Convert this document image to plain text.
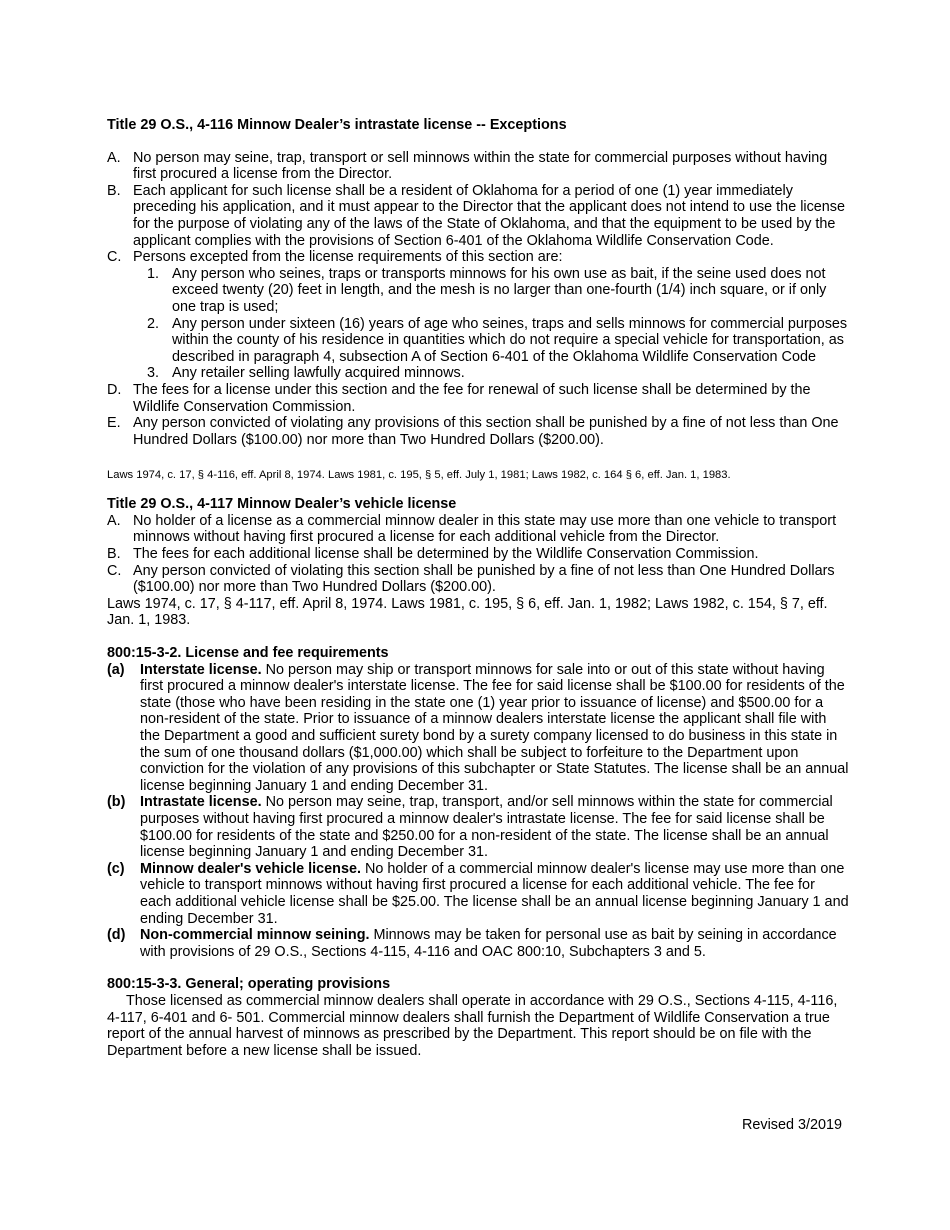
Title 29 O.S., 4-116 Minnow Dealer’s intrastate license -- Exceptions

A. No person may seine, trap, transport or sell minnows within the state for commercial purposes without having first procured a license from the Director.
B. Each applicant for such license shall be a resident of Oklahoma for a period of one (1) year immediately preceding his application, and it must appear to the Director that the applicant does not intend to use the license for the purpose of violating any of the laws of the State of Oklahoma, and that the equipment to be used by the applicant complies with the provisions of Section 6-401 of the Oklahoma Wildlife Conservation Code.
C. Persons excepted from the license requirements of this section are:
1. Any person who seines, traps or transports minnows for his own use as bait, if the seine used does not exceed twenty (20) feet in length, and the mesh is no larger than one-fourth (1/4) inch square, or if only one trap is used;
2. Any person under sixteen (16) years of age who seines, traps and sells minnows for commercial purposes within the county of his residence in quantities which do not require a special vehicle for transportation, as described in paragraph 4, subsection A of Section 6-401 of the Oklahoma Wildlife Conservation Code
3. Any retailer selling lawfully acquired minnows.
D. The fees for a license under this section and the fee for renewal of such license shall be determined by the Wildlife Conservation Commission.
E. Any person convicted of violating any provisions of this section shall be punished by a fine of not less than One Hundred Dollars ($100.00) nor more than Two Hundred Dollars ($200.00).

Laws 1974, c. 17, § 4-116, eff. April 8, 1974. Laws 1981, c. 195, § 5, eff. July 1, 1981; Laws 1982, c. 164 § 6, eff. Jan. 1, 1983.

Title 29 O.S., 4-117 Minnow Dealer’s vehicle license

A. No holder of a license as a commercial minnow dealer in this state may use more than one vehicle to transport minnows without having first procured a license for each additional vehicle from the Director.
B. The fees for each additional license shall be determined by the Wildlife Conservation Commission.
C. Any person convicted of violating this section shall be punished by a fine of not less than One Hundred Dollars ($100.00) nor more than Two Hundred Dollars ($200.00).

Laws 1974, c. 17, § 4-117, eff. April 8, 1974. Laws 1981, c. 195, § 6, eff. Jan. 1, 1982; Laws 1982, c. 154, § 7, eff. Jan. 1, 1983.

800:15-3-2. License and fee requirements

(a)	Interstate license. No person may ship or transport minnows for sale into or out of this state without having first procured a minnow dealer's interstate license. The fee for said license shall be $100.00 for residents of the state (those who have been residing in the state one (1) year prior to issuance of license) and $500.00 for a non-resident of the state. Prior to issuance of a minnow dealers interstate license the applicant shall file with the Department a good and sufficient surety bond by a surety company licensed to do business in this state in the sum of one thousand dollars ($1,000.00) which shall be subject to forfeiture to the Department upon conviction for the violation of any provisions of this subchapter or State Statutes. The license shall be an annual license beginning January 1 and ending December 31.
(b)	Intrastate license. No person may seine, trap, transport, and/or sell minnows within the state for commercial purposes without having first procured a minnow dealer's intrastate license. The fee for said license shall be $100.00 for residents of the state and $250.00 for a non-resident of the state. The license shall be an annual license beginning January 1 and ending December 31.
(c)	Minnow dealer's vehicle license. No holder of a commercial minnow dealer's license may use more than one vehicle to transport minnows without having first procured a license for each additional vehicle. The fee for each additional vehicle license shall be $25.00. The license shall be an annual license beginning January 1 and ending December 31.
(d)	Non-commercial minnow seining. Minnows may be taken for personal use as bait by seining in accordance with provisions of 29 O.S., Sections 4-115, 4-116 and OAC 800:10, Subchapters 3 and 5.

800:15-3-3. General; operating provisions

Those licensed as commercial minnow dealers shall operate in accordance with 29 O.S., Sections 4-115, 4-116, 4-117, 6-401 and 6- 501. Commercial minnow dealers shall furnish the Department of Wildlife Conservation a true report of the annual harvest of minnows as prescribed by the Department. This report should be on file with the Department before a new license shall be issued.

Revised 3/2019
